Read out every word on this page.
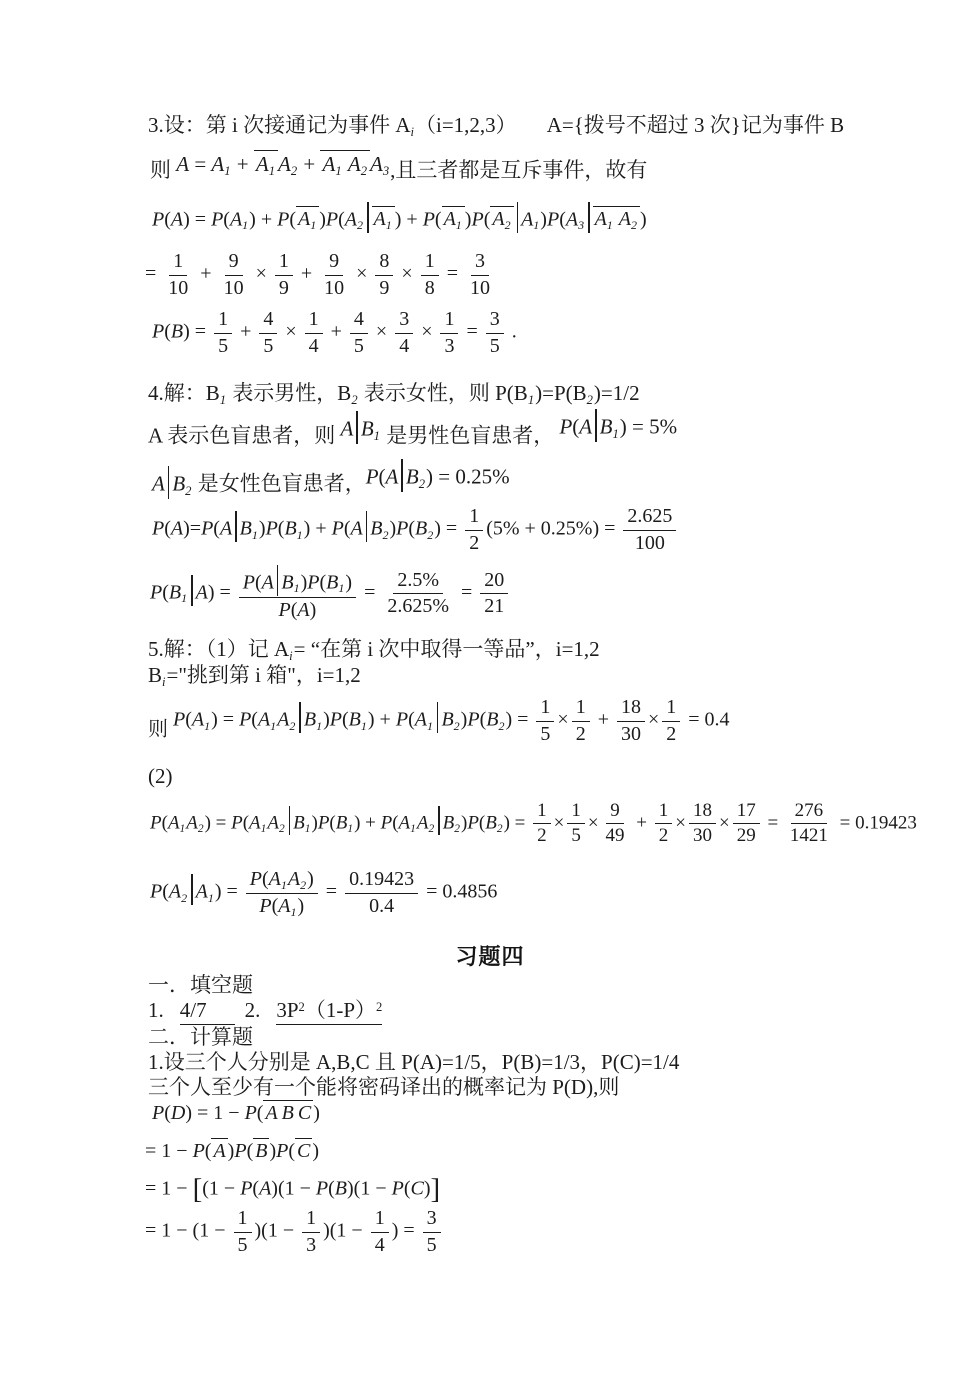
3.设：第 i 次接通记为事件 $A_i(i=1,2,3)$ A={拨号不超过 3 次}记为事件 B
则 $A = A_1 + A_1$ $A_2 + A_1$ $A_2$ $A_3$,且三者都是互斥事件，故有
$P(A) = P(A_1) + P$( $A_1$ )$P(A_2$ $A_1$ ) + P( $A_1$ )P( $A_2$ $A_1)P(A_3$ $A_1$ $A_2$ )
= $\frac{1}{10} + \frac{9}{10} \times \frac{1}{9} + \frac{9}{10} \times \frac{8}{9} \times \frac{1}{8} = \frac{3}{10}$
$P(B) = \frac{1}{5} + \frac{4}{5} \times \frac{1}{4} + \frac{4}{5} \times \frac{3}{4} \times \frac{1}{3} = \frac{3}{5}$ .
4.解：$B_1$ 表示男性，$B_2$ 表示女性，则 $P(B_1)=P(B_2)=1/2$
A 表示色盲患者，则 A $B_1$ 是男性色盲患者， P(A $B_1) = 5\%$
A $B_2$ 是女性色盲患者，P(A $B_2) = 0.25\%$
P(A)=P(A $B_1)P(B_1) + P(A$ $B_2)P(B_2) = \frac{1}{2} (5\% + 0.25\%) = \frac{2.625}{100}$
$P(B_1$ $A) = \frac{P(A B_1)P(B_1)}{P(A)} = \frac{2.5\%}{2.625\%} = \frac{20}{21}$
5.解：（1）记 $A_i=$ “在第 i 次中取得一等品”，i=1,2
$B_i=$"挑到第 i 箱"，i=1,2
则 $P(A_1) = P(A_1A_2$ $B_1)P(B_1) + P(A_1$ $B_2)P(B_2) = \frac{1}{5} \times \frac{1}{2} + \frac{18}{30} \times \frac{1}{2} = 0.4$
(2)
$P(A_1A_2) = P(A_1A_2$ $B_1)P(B_1) + P(A_1A_2$ $B_2)P(B_2) = \frac{1}{2} \times \frac{1}{5} \times \frac{9}{49} + \frac{1}{2} \times \frac{18}{30} \times \frac{17}{29} = \frac{276}{1421} = 0.19423$
$P(A_2$ $A_1) = \frac{P(A_1A_2)}{P(A_1)} = \frac{0.19423}{0.4} = 0.4856$
习题四
一．填空题
1. 4/7 2. $3P^2(1-P)^2$
二．计算题
1.设三个人分别是 A,B,C 且 P(A)=1/5，P(B)=1/3，P(C)=1/4
三个人至少有一个能将密码译出的概率记为 P(D),则
P(D) = 1 − P( A B C )
= 1 − P( A )P( B )P( C )
= 1 − [(1 − P(A)(1 − P(B)(1 − P(C)]
= $1 - (1 - \frac{1}{5} )(1 - \frac{1}{3} )(1 - \frac{1}{4}$ ) = $\frac{3}{5}$
